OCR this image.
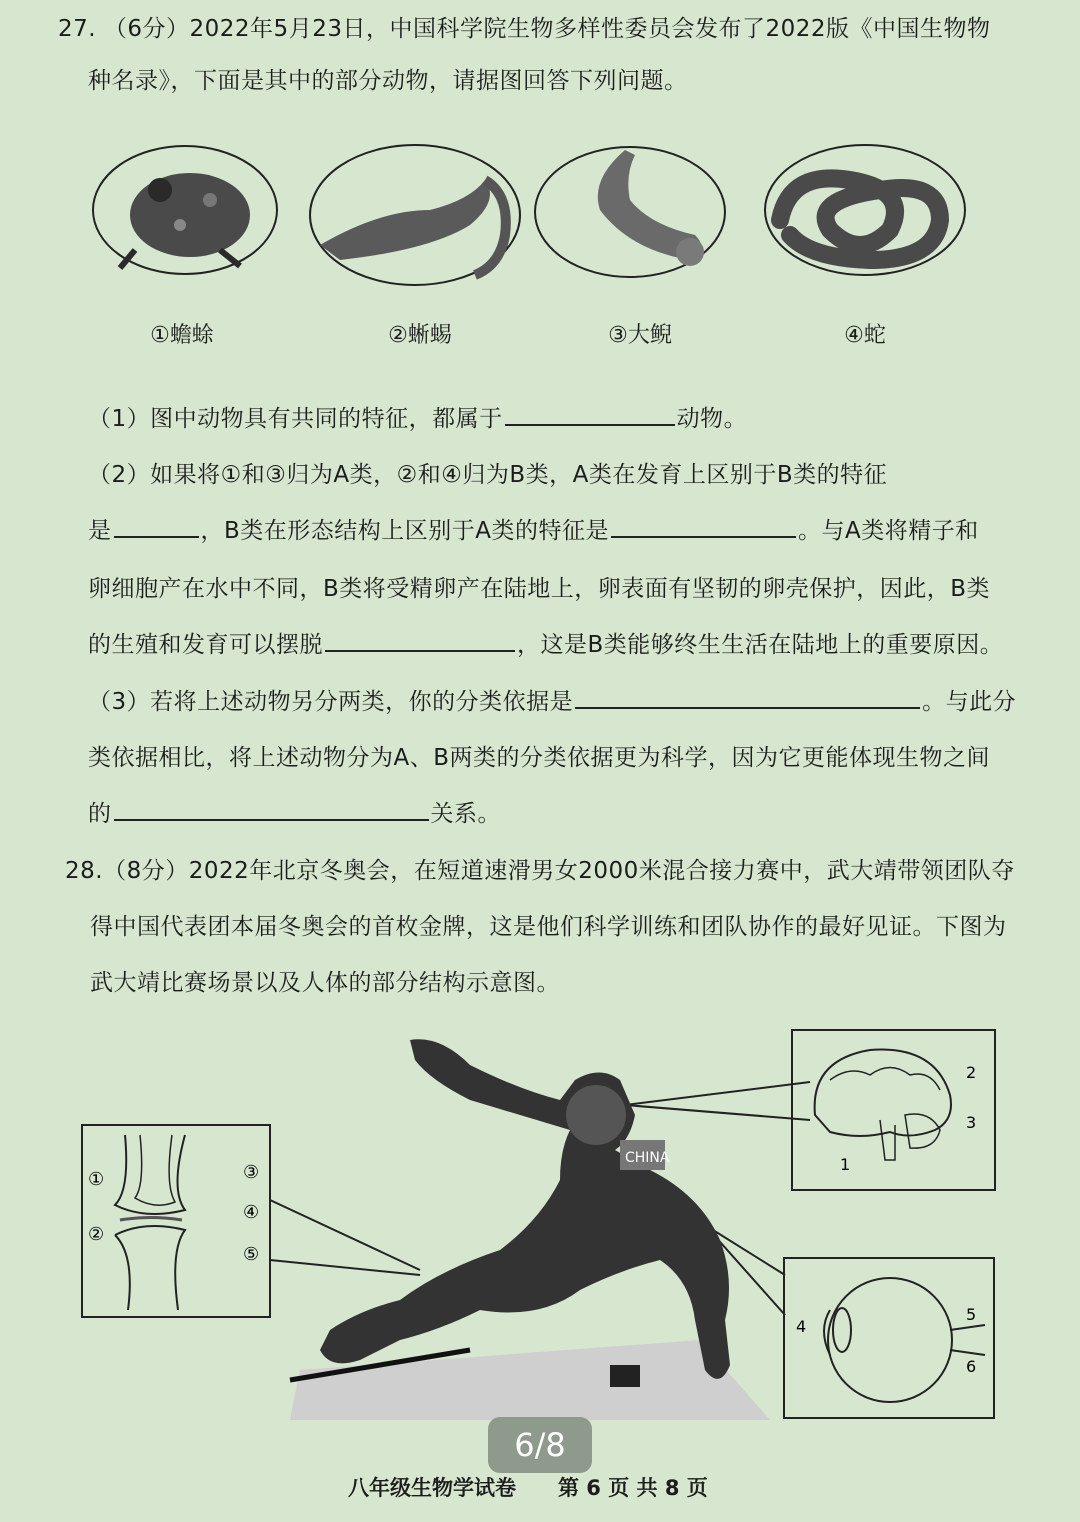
27. （6分）2022年5月23日，中国科学院生物多样性委员会发布了2022版《中国生物物
种名录》，下面是其中的部分动物，请据图回答下列问题。
①蟾蜍	②蜥蜴	③大鲵	④蛇
（1）图中动物具有共同的特征，都属于	动物。
（2）如果将①和③归为A类，②和④归为B类，A类在发育上区别于B类的特征
是	，B类在形态结构上区别于A类的特征是	。与A类将精子和
卵细胞产在水中不同，B类将受精卵产在陆地上，卵表面有坚韧的卵壳保护，因此，B类
的生殖和发育可以摆脱	，这是B类能够终生生活在陆地上的重要原因。
（3）若将上述动物另分两类，你的分类依据是	。与此分
类依据相比，将上述动物分为A、B两类的分类依据更为科学，因为它更能体现生物之间
的	关系。
28.（8分）2022年北京冬奥会，在短道速滑男女2000米混合接力赛中，武大靖带领团队夺
得中国代表团本届冬奥会的首枚金牌，这是他们科学训练和团队协作的最好见证。下图为
武大靖比赛场景以及人体的部分结构示意图。
CHINA
①
②
③
④
⑤
1
2
3
4
5
6
6/8
八年级生物学试卷 第 6 页 共 8 页
